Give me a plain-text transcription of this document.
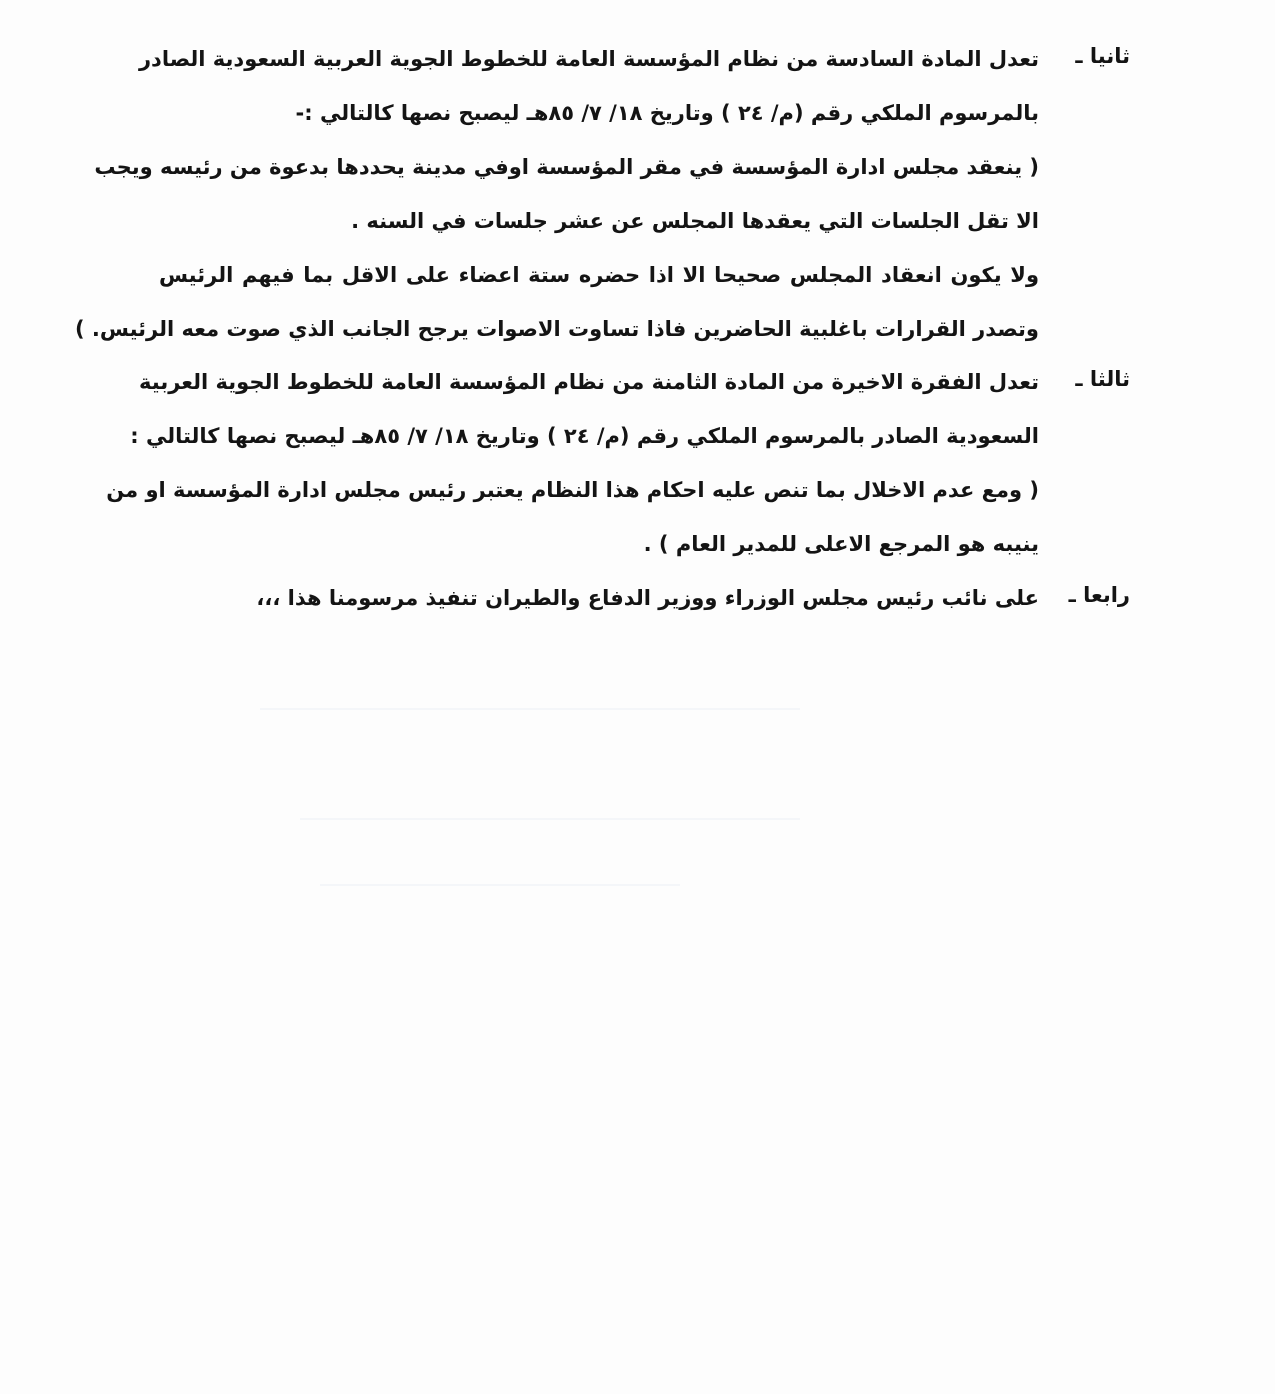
ثانيا ـ
تعدل المادة السادسة من نظام المؤسسة العامة للخطوط الجوية العربية السعودية الصادر
بالمرسوم الملكي رقم (م/ ٢٤ ) وتاريخ ١٨/ ٧/ ٨٥هـ ليصبح نصها كالتالي :-
( ينعقد مجلس ادارة المؤسسة في مقر المؤسسة اوفي مدينة يحددها بدعوة من رئيسه ويجب
الا تقل الجلسات التي يعقدها المجلس عن عشر جلسات في السنه .
ولا يكون انعقاد المجلس صحيحا الا اذا حضره ستة اعضاء على الاقل بما فيهم الرئيس
وتصدر القرارات باغلبية الحاضرين فاذا تساوت الاصوات يرجح الجانب الذي صوت معه الرئيس. )
ثالثا ـ
تعدل الفقرة الاخيرة من المادة الثامنة من نظام المؤسسة العامة للخطوط الجوية العربية
السعودية الصادر بالمرسوم الملكي رقم (م/ ٢٤ ) وتاريخ ١٨/ ٧/ ٨٥هـ ليصبح نصها كالتالي :
( ومع عدم الاخلال بما تنص عليه احكام هذا النظام يعتبر رئيس مجلس ادارة المؤسسة او من
ينيبه هو المرجع الاعلى للمدير العام ) .
رابعا ـ
على نائب رئيس مجلس الوزراء ووزير الدفاع والطيران تنفيذ مرسومنا هذا ،،،
